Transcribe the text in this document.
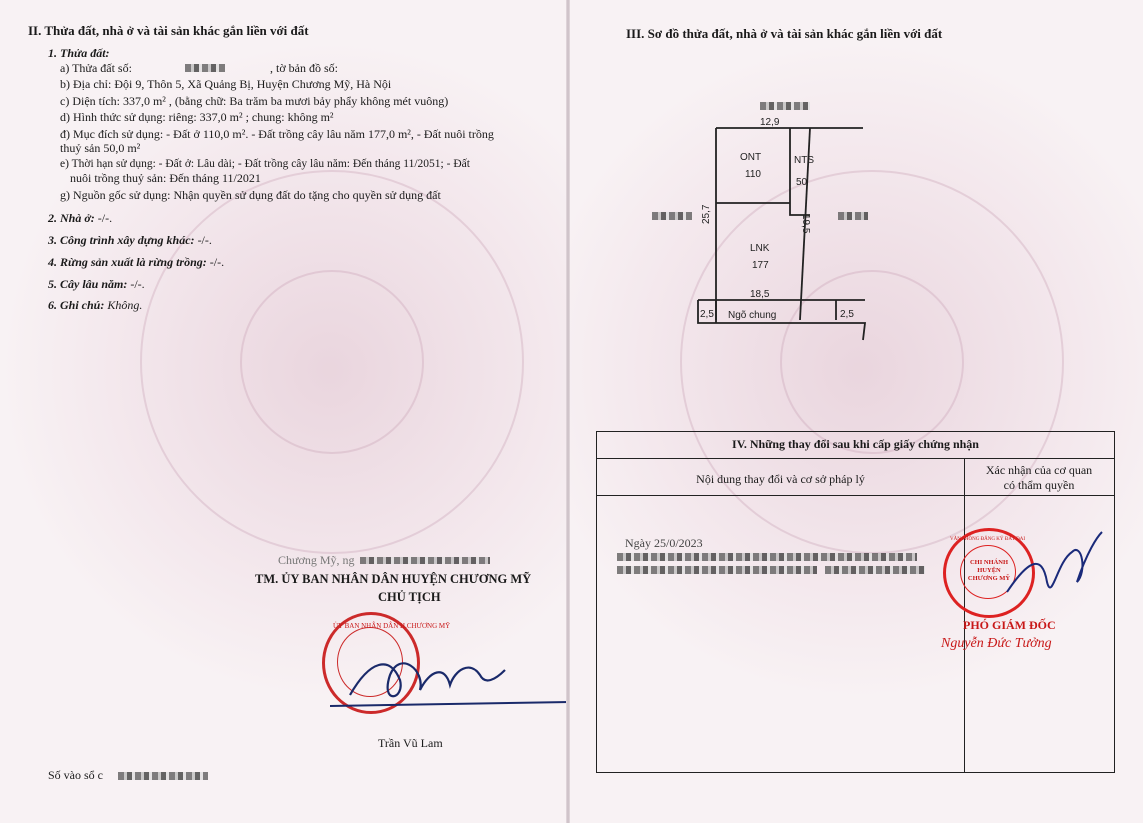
II. Thửa đất, nhà ở và tài sản khác gắn liền với đất
1. Thửa đất:
a) Thửa đất số:	, tờ bản đồ số:
b) Địa chỉ: Đội 9, Thôn 5, Xã Quảng Bị, Huyện Chương Mỹ, Hà Nội
c) Diện tích: 337,0 m² , (bằng chữ: Ba trăm ba mươi bảy phẩy không mét vuông)
d) Hình thức sử dụng: riêng: 337,0 m² ; chung: không m²
đ) Mục đích sử dụng: - Đất ở 110,0 m². - Đất trồng cây lâu năm 177,0 m², - Đất nuôi trồng
thuỷ sản 50,0 m²
e) Thời hạn sử dụng: - Đất ở: Lâu dài; - Đất trồng cây lâu năm: Đến tháng 11/2051; - Đất
nuôi trồng thuỷ sản: Đến tháng 11/2021
g) Nguồn gốc sử dụng: Nhận quyền sử dụng đất do tặng cho quyền sử dụng đất
2. Nhà ở: -/-.
3. Công trình xây dựng khác: -/-.
4. Rừng sản xuất là rừng trồng: -/-.
5. Cây lâu năm: -/-.
6. Ghi chú: Không.
Chương Mỹ, ng
TM. ỦY BAN NHÂN DÂN HUYỆN CHƯƠNG MỸ
CHỦ TỊCH
ỦY BAN NHÂN DÂN H.CHƯƠNG MỸ
Trần Vũ Lam
Số vào sổ c
III. Sơ đồ thửa đất, nhà ở và tài sản khác gắn liền với đất
12,9
25,7	19,5
18,5
2,5 Ngõ chung	2,5
ONT
110
NTS
50
LNK
177
IV. Những thay đổi sau khi cấp giấy chứng nhận
Nội dung thay đổi và cơ sở pháp lý
Xác nhận của cơ quan
có thẩm quyền
Ngày 25/0/2023
CHI NHÁNH HUYỆN CHƯƠNG MỸ
VĂN PHÒNG ĐĂNG KÝ ĐẤT ĐAI
PHÓ GIÁM ĐỐC
Nguyễn Đức Tưởng
